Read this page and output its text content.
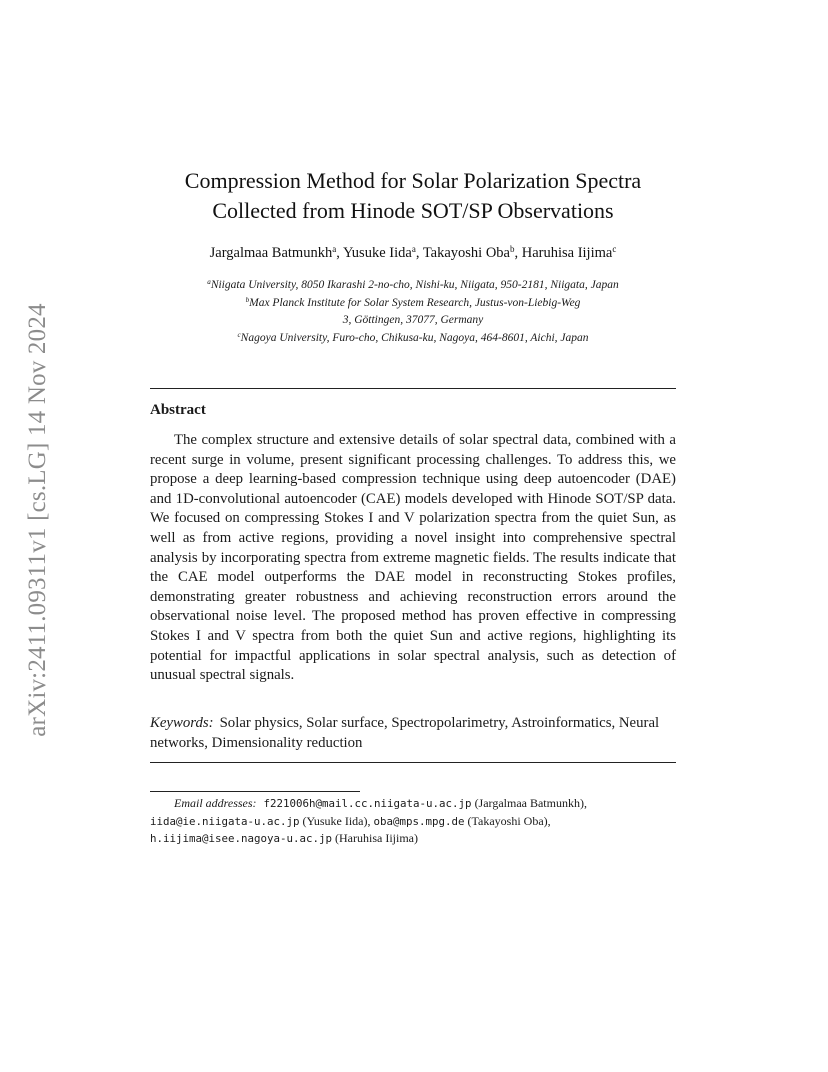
arXiv:2411.09311v1 [cs.LG] 14 Nov 2024
Compression Method for Solar Polarization Spectra
Collected from Hinode SOT/SP Observations
Jargalmaa Batmunkh$^a$, Yusuke Iida$^a$, Takayoshi Oba$^b$, Haruhisa Iijima$^c$
$^a$Niigata University, 8050 Ikarashi 2-no-cho, Nishi-ku, Niigata, 950-2181, Niigata, Japan
$^b$Max Planck Institute for Solar System Research, Justus-von-Liebig-Weg
3, Göttingen, 37077, Germany
$^c$Nagoya University, Furo-cho, Chikusa-ku, Nagoya, 464-8601, Aichi, Japan
Abstract
The complex structure and extensive details of solar spectral data, combined with a recent surge in volume, present significant processing challenges. To address this, we propose a deep learning-based compression technique using deep autoencoder (DAE) and 1D-convolutional autoencoder (CAE) models developed with Hinode SOT/SP data. We focused on compressing Stokes I and V polarization spectra from the quiet Sun, as well as from active regions, providing a novel insight into comprehensive spectral analysis by incorporating spectra from extreme magnetic fields. The results indicate that the CAE model outperforms the DAE model in reconstructing Stokes profiles, demonstrating greater robustness and achieving reconstruction errors around the observational noise level. The proposed method has proven effective in compressing Stokes I and V spectra from both the quiet Sun and active regions, highlighting its potential for impactful applications in solar spectral analysis, such as detection of unusual spectral signals.
Keywords: Solar physics, Solar surface, Spectropolarimetry, Astroinformatics, Neural networks, Dimensionality reduction
Email addresses: f221006h@mail.cc.niigata-u.ac.jp (Jargalmaa Batmunkh),
iida@ie.niigata-u.ac.jp (Yusuke Iida), oba@mps.mpg.de (Takayoshi Oba),
h.iijima@isee.nagoya-u.ac.jp (Haruhisa Iijima)
